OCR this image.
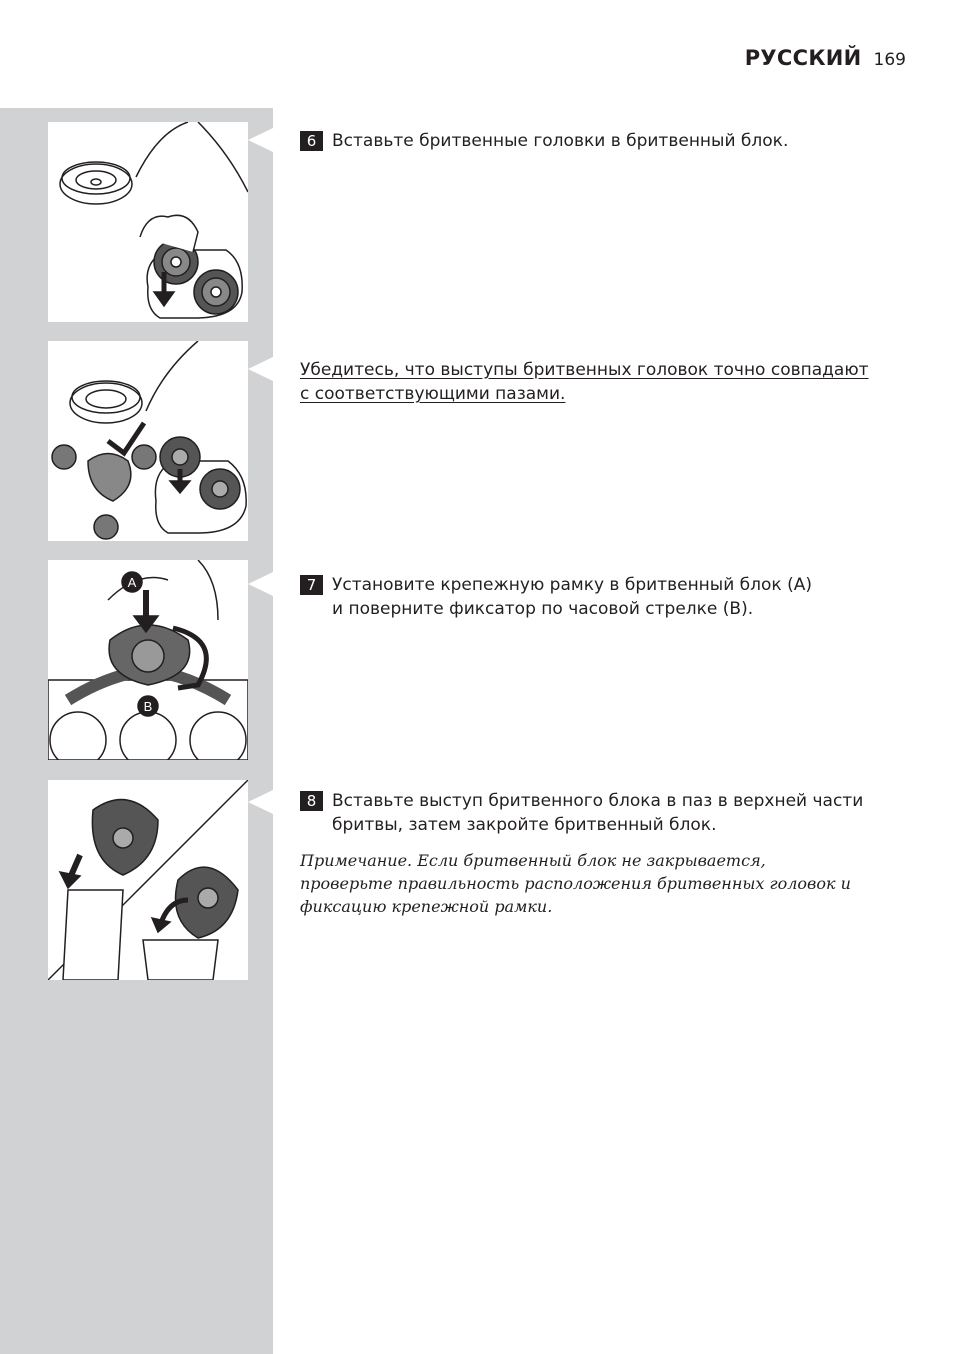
РУССКИЙ 169
6 Вставьте бритвенные головки в бритвенный блок.
Убедитесь, что выступы бритвенных головок точно совпадают с соответствующими пазами.
A
B
7 Установите крепежную рамку в бритвенный блок (A)
и поверните фиксатор по часовой стрелке (B).
8 Вставьте выступ бритвенного блока в паз в верхней части
бритвы, затем закройте бритвенный блок.
Примечание. Если бритвенный блок не закрывается, проверьте правильность расположения бритвенных головок и фиксацию крепежной рамки.
